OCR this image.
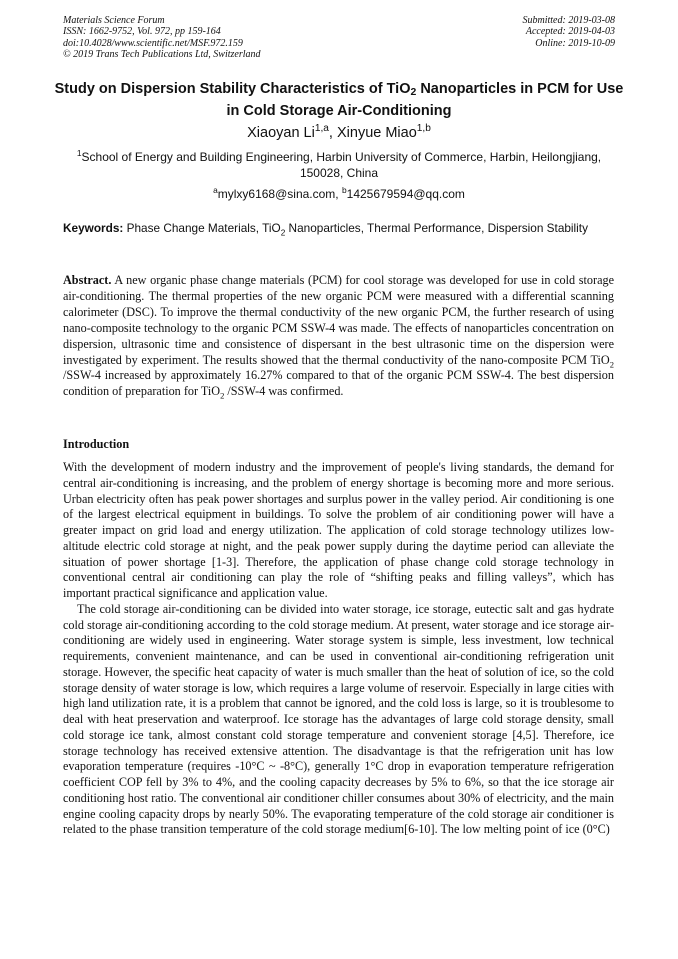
Materials Science Forum
ISSN: 1662-9752, Vol. 972, pp 159-164
doi:10.4028/www.scientific.net/MSF.972.159
© 2019 Trans Tech Publications Ltd, Switzerland
Submitted: 2019-03-08
Accepted: 2019-04-03
Online: 2019-10-09
Study on Dispersion Stability Characteristics of TiO2 Nanoparticles in PCM for Use in Cold Storage Air-Conditioning
Xiaoyan Li$^{1,a}$, Xinyue Miao$^{1,b}$
$^1$School of Energy and Building Engineering, Harbin University of Commerce, Harbin, Heilongjiang, 150028, China
$^a$mylxy6168@sina.com, $^b$1425679594@qq.com
Keywords: Phase Change Materials, TiO$_2$ Nanoparticles, Thermal Performance, Dispersion Stability
Abstract. A new organic phase change materials (PCM) for cool storage was developed for use in cold storage air-conditioning. The thermal properties of the new organic PCM were measured with a differential scanning calorimeter (DSC). To improve the thermal conductivity of the new organic PCM, the further research of using nano-composite technology to the organic PCM SSW-4 was made. The effects of nanoparticles concentration on dispersion, ultrasonic time and consistence of dispersant in the best ultrasonic time on the dispersion were investigated by experiment. The results showed that the thermal conductivity of the nano-composite PCM TiO$_2$ /SSW-4 increased by approximately 16.27% compared to that of the organic PCM SSW-4. The best dispersion condition of preparation for TiO$_2$ /SSW-4 was confirmed.
Introduction

With the development of modern industry and the improvement of people's living standards, the demand for central air-conditioning is increasing, and the problem of energy shortage is becoming more and more serious. Urban electricity often has peak power shortages and surplus power in the valley period. Air conditioning is one of the largest electrical equipment in buildings. To solve the problem of air conditioning power will have a greater impact on grid load and energy utilization. The application of cold storage technology utilizes low-altitude electric cold storage at night, and the peak power supply during the daytime period can alleviate the situation of power shortage [1-3]. Therefore, the application of phase change cold storage technology in conventional central air conditioning can play the role of “shifting peaks and filling valleys”, which has important practical significance and application value.

The cold storage air-conditioning can be divided into water storage, ice storage, eutectic salt and gas hydrate cold storage air-conditioning according to the cold storage medium. At present, water storage and ice storage air-conditioning are widely used in engineering. Water storage system is simple, less investment, low technical requirements, convenient maintenance, and can be used in conventional air-conditioning refrigeration unit storage. However, the specific heat capacity of water is much smaller than the heat of solution of ice, so the cold storage density of water storage is low, which requires a large volume of reservoir. Especially in large cities with high land utilization rate, it is a problem that cannot be ignored, and the cold loss is large, so it is troublesome to deal with heat preservation and waterproof. Ice storage has the advantages of large cold storage density, small cold storage ice tank, almost constant cold storage temperature and convenient storage [4,5]. Therefore, ice storage technology has received extensive attention. The disadvantage is that the refrigeration unit has low evaporation temperature (requires -10°C ~ -8°C), generally 1°C drop in evaporation temperature refrigeration coefficient COP fell by 3% to 4%, and the cooling capacity decreases by 5% to 6%, so that the ice storage air conditioning host ratio. The conventional air conditioner chiller consumes about 30% of electricity, and the main engine cooling capacity drops by nearly 50%. The evaporating temperature of the cold storage air conditioner is related to the phase transition temperature of the cold storage medium[6-10]. The low melting point of ice (0°C)
